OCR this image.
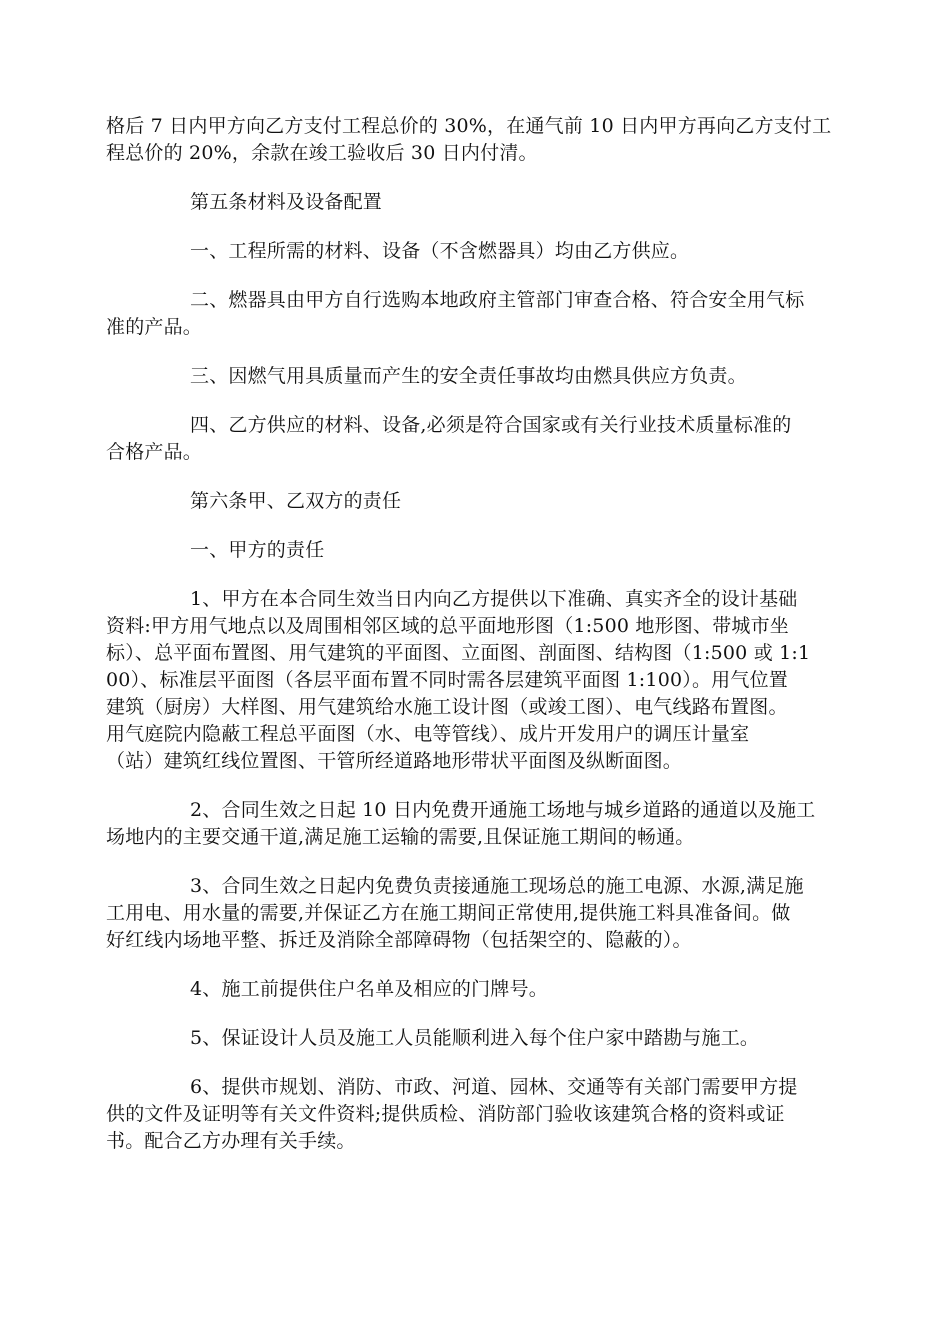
格后 7 日内甲方向乙方支付工程总价的 30%，在通气前 10 日内甲方再向乙方支付工
程总价的 20%，余款在竣工验收后 30 日内付清。

第五条材料及设备配置

一、工程所需的材料、设备（不含燃器具）均由乙方供应。

二、燃器具由甲方自行选购本地政府主管部门审查合格、符合安全用气标
准的产品。

三、因燃气用具质量而产生的安全责任事故均由燃具供应方负责。

四、乙方供应的材料、设备,必须是符合国家或有关行业技术质量标准的
合格产品。

第六条甲、乙双方的责任

一、甲方的责任

1、甲方在本合同生效当日内向乙方提供以下准确、真实齐全的设计基础
资料:甲方用气地点以及周围相邻区域的总平面地形图（1:500 地形图、带城市坐
标）、总平面布置图、用气建筑的平面图、立面图、剖面图、结构图（1:500 或 1:1
00）、标准层平面图（各层平面布置不同时需各层建筑平面图 1:100）。用气位置
建筑（厨房）大样图、用气建筑给水施工设计图（或竣工图）、电气线路布置图。
用气庭院内隐蔽工程总平面图（水、电等管线）、成片开发用户的调压计量室
（站）建筑红线位置图、干管所经道路地形带状平面图及纵断面图。

2、合同生效之日起 10 日内免费开通施工场地与城乡道路的通道以及施工
场地内的主要交通干道,满足施工运输的需要,且保证施工期间的畅通。

3、合同生效之日起内免费负责接通施工现场总的施工电源、水源,满足施
工用电、用水量的需要,并保证乙方在施工期间正常使用,提供施工料具准备间。做
好红线内场地平整、拆迁及消除全部障碍物（包括架空的、隐蔽的）。

4、施工前提供住户名单及相应的门牌号。

5、保证设计人员及施工人员能顺利进入每个住户家中踏勘与施工。

6、提供市规划、消防、市政、河道、园林、交通等有关部门需要甲方提
供的文件及证明等有关文件资料;提供质检、消防部门验收该建筑合格的资料或证
书。配合乙方办理有关手续。
